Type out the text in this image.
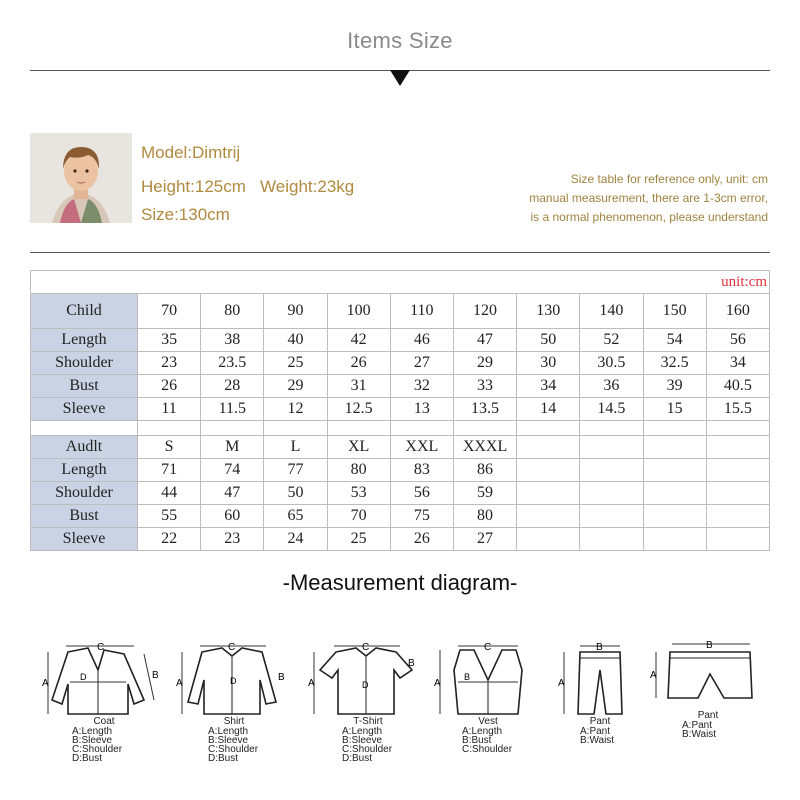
Items Size
Model:Dimtrij
Height:125cm   Weight:23kg
Size:130cm
Size table for reference only, unit: cm
manual measurement, there are 1-3cm error,
is a normal phenomenon, please understand
unit:cm										
Child	70	80	90	100	110	120	130	140	150	160
Length	35	38	40	42	46	47	50	52	54	56
Shoulder	23	23.5	25	26	27	29	30	30.5	32.5	34
Bust	26	28	29	31	32	33	34	36	39	40.5
Sleeve	11	11.5	12	12.5	13	13.5	14	14.5	15	15.5

Audlt	S	M	L	XL	XXL	XXXL				
Length	71	74	77	80	83	86				
Shoulder	44	47	50	53	56	59				
Bust	55	60	65	70	75	80				
Sleeve	22	23	24	25	26	27				
-Measurement diagram-
C
A
B
D
Coat
A:Length
B:Sleeve
C:Shoulder
D:Bust
C
A
B
D
Shirt
A:Length
B:Sleeve
C:Shoulder
D:Bust
C
A
B
D
T-Shirt
A:Length
B:Sleeve
C:Shoulder
D:Bust
C
A
B
Vest
A:Length
B:Bust
C:Shoulder
B
A
Pant
A:Pant
B:Waist
B
A
Pant
A:Pant
B:Waist
